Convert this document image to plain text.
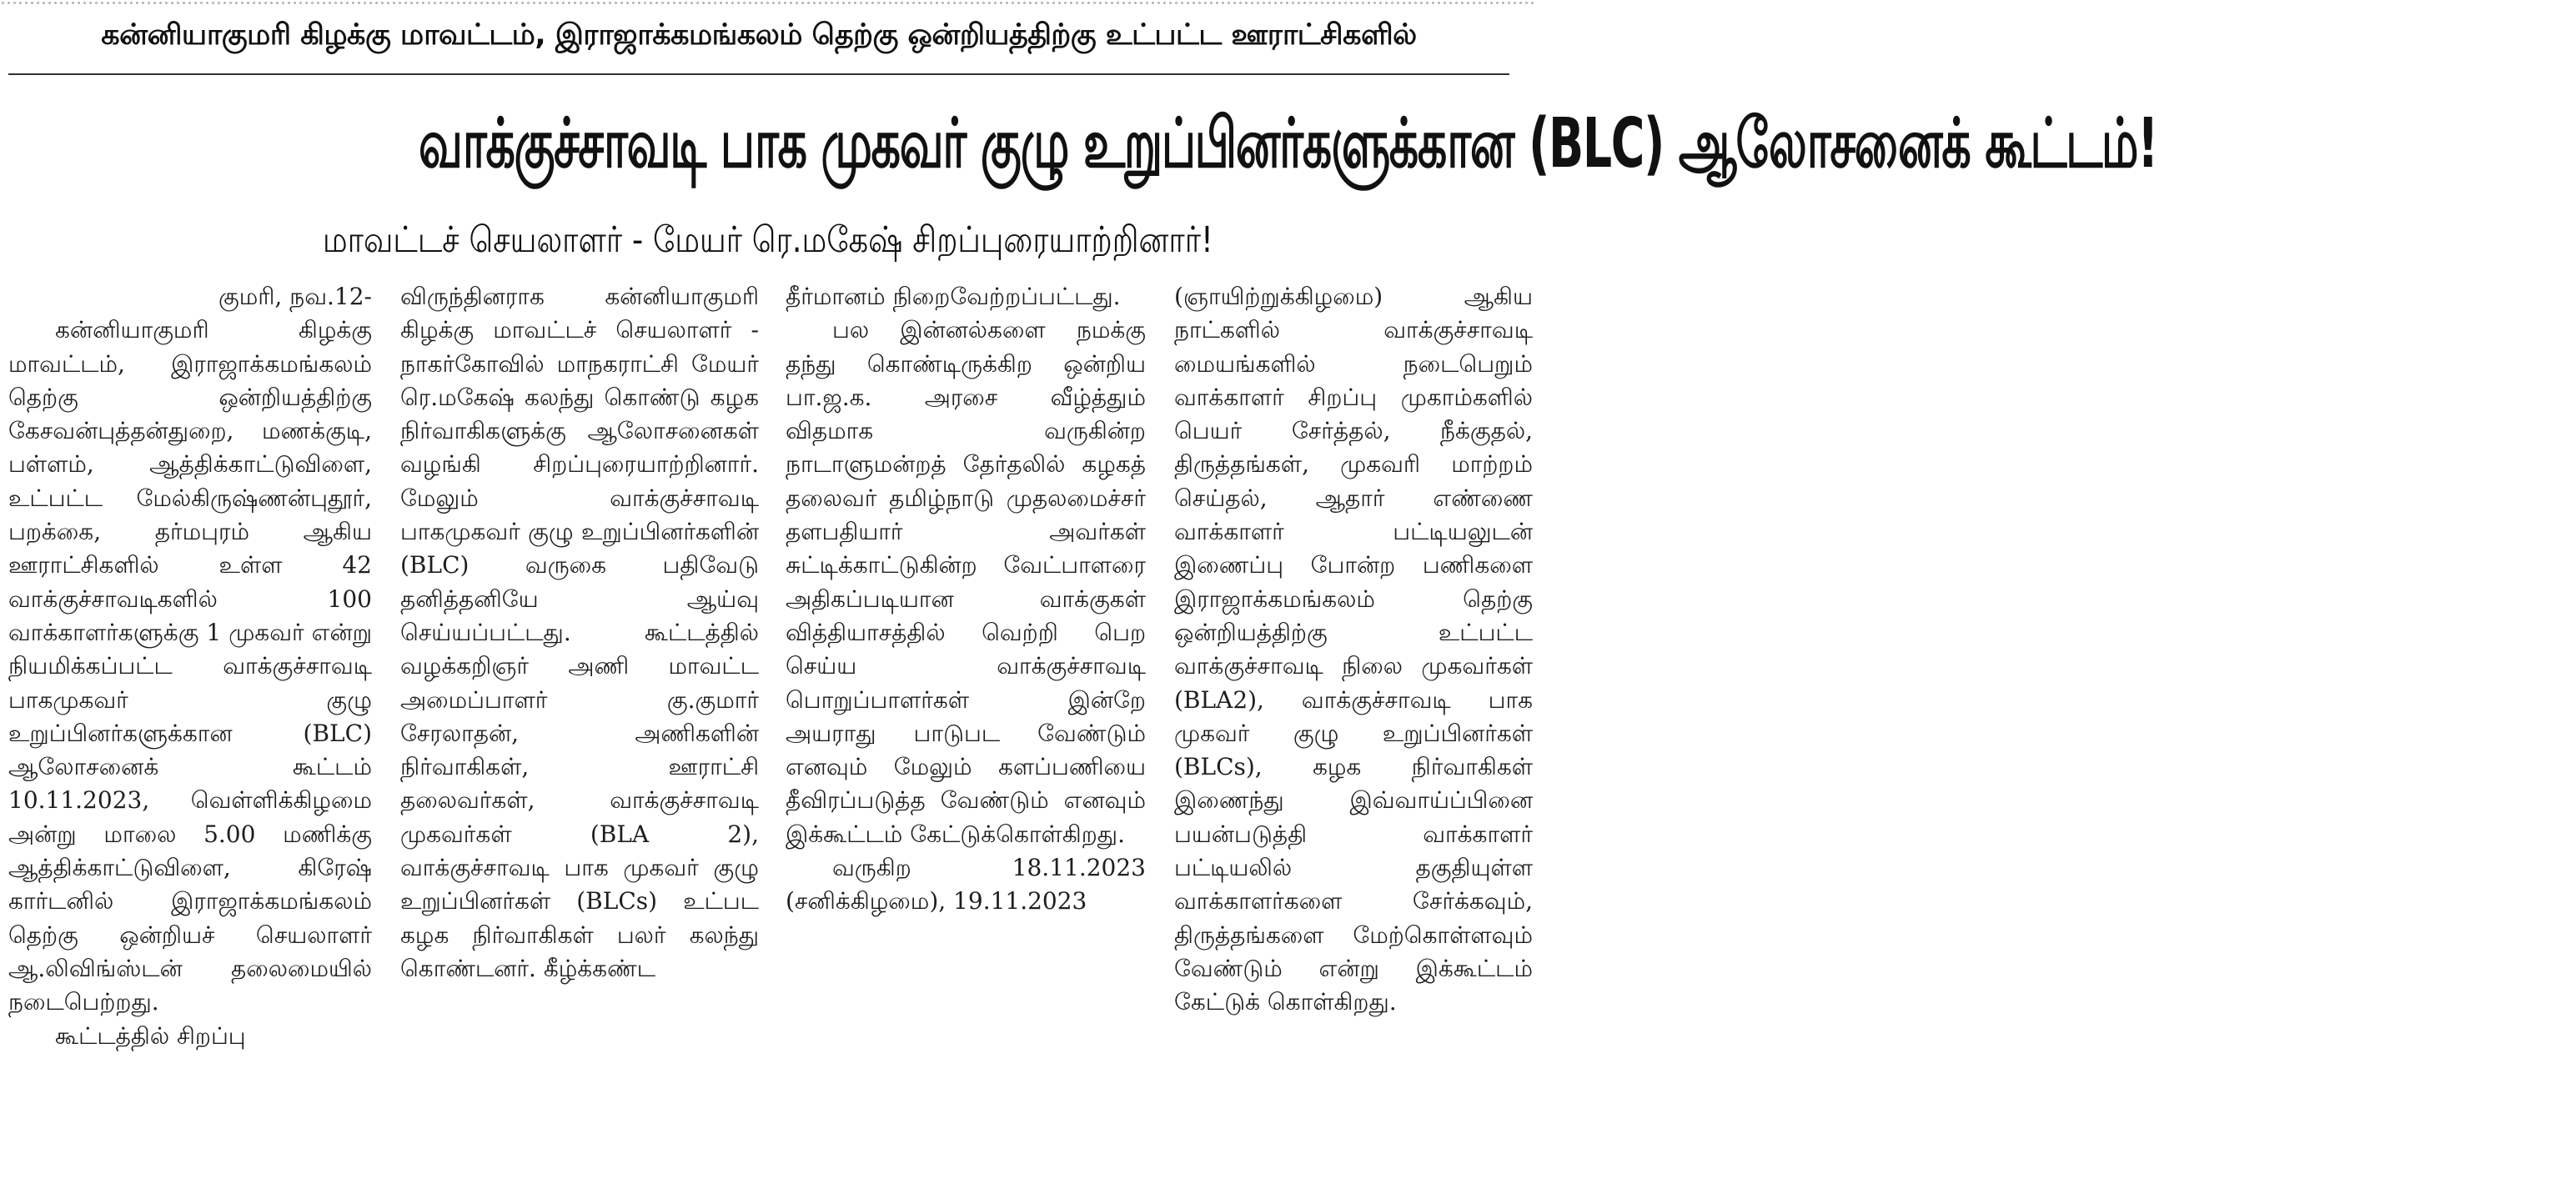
கன்னியாகுமரி கிழக்கு மாவட்டம், இராஜாக்கமங்கலம் தெற்கு ஒன்றியத்திற்கு உட்பட்ட ஊராட்சிகளில்
வாக்குச்சாவடி பாக முகவர் குழு உறுப்பினர்களுக்கான (BLC) ஆலோசனைக் கூட்டம்!
மாவட்டச் செயலாளர் - மேயர் ரெ.மகேஷ் சிறப்புரையாற்றினார்!

குமரி, நவ.12-

கன்னியாகுமரி கிழக்கு மாவட்டம், இராஜாக்கமங்கலம் தெற்கு ஒன்றியத்திற்கு கேசவன்புத்தன்துறை, மணக்குடி, பள்ளம், ஆத்திக்காட்டுவிளை, உட்பட்ட மேல்கிருஷ்ணன்புதூர், பறக்கை, தர்மபுரம் ஆகிய ஊராட்சிகளில் உள்ள 42 வாக்குச்சாவடிகளில் 100 வாக்காளர்களுக்கு 1 முகவர் என்று நியமிக்கப்பட்ட வாக்குச்சாவடி பாகமுகவர் குழு உறுப்பினர்களுக்கான (BLC) ஆலோசனைக் கூட்டம் 10.11.2023, வெள்ளிக்கிழமை அன்று மாலை 5.00 மணிக்கு ஆத்திக்காட்டுவிளை, கிரேஷ் கார்டனில் இராஜாக்கமங்கலம் தெற்கு ஒன்றியச் செயலாளர் ஆ.லிவிங்ஸ்டன் தலைமையில் நடைபெற்றது.

கூட்டத்தில் சிறப்பு

விருந்தினராக கன்னியாகுமரி கிழக்கு மாவட்டச் செயலாளர் - நாகர்கோவில் மாநகராட்சி மேயர் ரெ.மகேஷ் கலந்து கொண்டு கழக நிர்வாகிகளுக்கு ஆலோசனைகள் வழங்கி சிறப்புரையாற்றினார். மேலும் வாக்குச்சாவடி பாகமுகவர் குழு உறுப்பினர்களின் (BLC) வருகை பதிவேடு தனித்தனியே ஆய்வு செய்யப்பட்டது. கூட்டத்தில் வழக்கறிஞர் அணி மாவட்ட அமைப்பாளர் கு.குமார் சேரலாதன், அணிகளின் நிர்வாகிகள், ஊராட்சி தலைவர்கள், வாக்குச்சாவடி முகவர்கள் (BLA 2), வாக்குச்சாவடி பாக முகவர் குழு உறுப்பினர்கள் (BLCs) உட்பட கழக நிர்வாகிகள் பலர் கலந்து கொண்டனர். கீழ்க்கண்ட

தீர்மானம் நிறைவேற்றப்பட்டது.

பல இன்னல்களை நமக்கு தந்து கொண்டிருக்கிற ஒன்றிய பா.ஜ.க. அரசை வீழ்த்தும் விதமாக வருகின்ற நாடாளுமன்றத் தேர்தலில் கழகத் தலைவர் தமிழ்நாடு முதலமைச்சர் தளபதியார் அவர்கள் சுட்டிக்காட்டுகின்ற வேட்பாளரை அதிகப்படியான வாக்குகள் வித்தியாசத்தில் வெற்றி பெற செய்ய வாக்குச்சாவடி பொறுப்பாளர்கள் இன்றே அயராது பாடுபட வேண்டும் எனவும் மேலும் களப்பணியை தீவிரப்படுத்த வேண்டும் எனவும் இக்கூட்டம் கேட்டுக்கொள்கிறது.

வருகிற 18.11.2023 (சனிக்கிழமை), 19.11.2023

(ஞாயிற்றுக்கிழமை) ஆகிய நாட்களில் வாக்குச்சாவடி மையங்களில் நடைபெறும் வாக்காளர் சிறப்பு முகாம்களில் பெயர் சேர்த்தல், நீக்குதல், திருத்தங்கள், முகவரி மாற்றம் செய்தல், ஆதார் எண்ணை வாக்காளர் பட்டியலுடன் இணைப்பு போன்ற பணிகளை இராஜாக்கமங்கலம் தெற்கு ஒன்றியத்திற்கு உட்பட்ட வாக்குச்சாவடி நிலை முகவர்கள் (BLA2), வாக்குச்சாவடி பாக முகவர் குழு உறுப்பினர்கள் (BLCs), கழக நிர்வாகிகள் இணைந்து இவ்வாய்ப்பினை பயன்படுத்தி வாக்காளர் பட்டியலில் தகுதியுள்ள வாக்காளர்களை சேர்க்கவும், திருத்தங்களை மேற்கொள்ளவும் வேண்டும் என்று இக்கூட்டம் கேட்டுக் கொள்கிறது.
